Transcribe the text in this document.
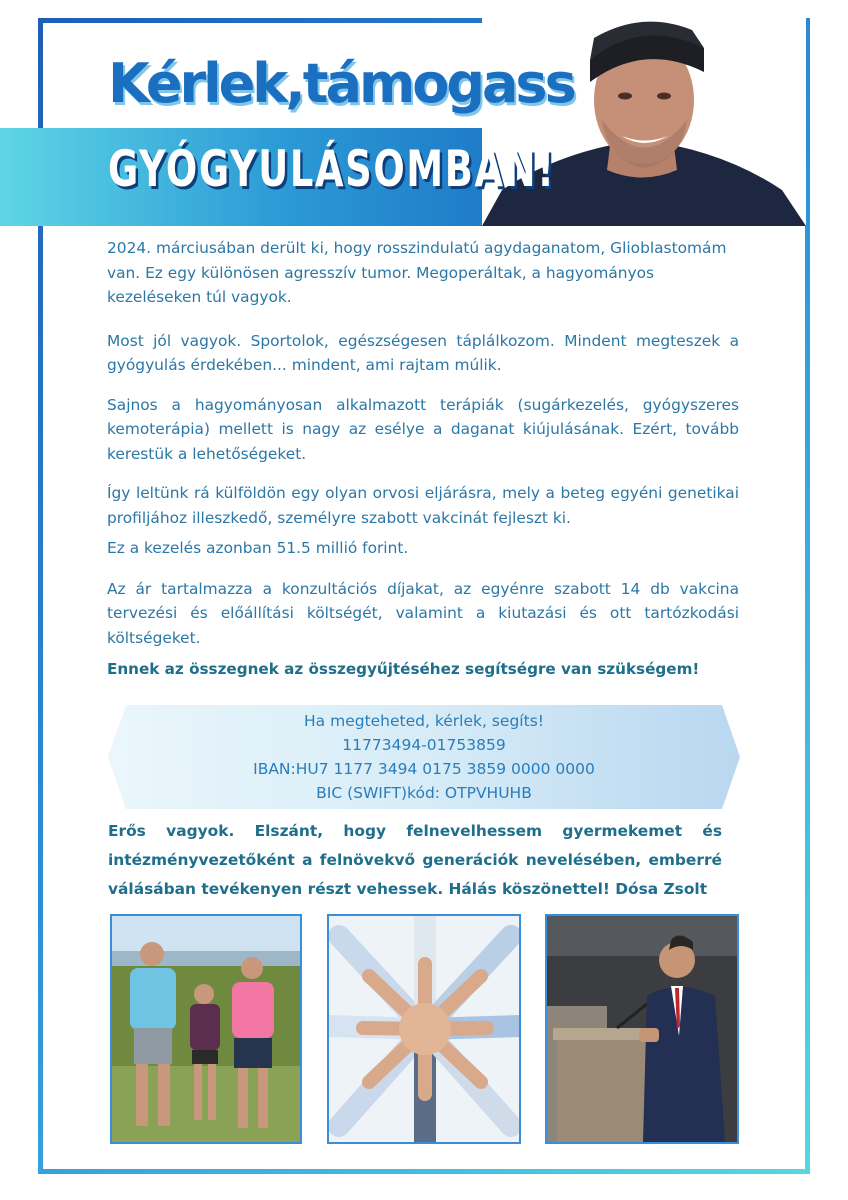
Kérlek,támogass
GYÓGYULÁSOMBAN!

2024. márciusában derült ki, hogy rosszindulatú agydaganatom, Glioblastomám van. Ez egy különösen agresszív tumor. Megoperáltak, a hagyományos kezeléseken túl vagyok.

Most jól vagyok. Sportolok, egészségesen táplálkozom. Mindent megteszek a gyógyulás érdekében... mindent, ami rajtam múlik.

Sajnos a hagyományosan alkalmazott terápiák (sugárkezelés, gyógyszeres kemoterápia) mellett is nagy az esélye a daganat kiújulásának. Ezért, tovább kerestük a lehetőségeket.

Így leltünk rá külföldön egy olyan orvosi eljárásra, mely a beteg egyéni genetikai profiljához illeszkedő, személyre szabott vakcinát fejleszt ki.

Ez a kezelés azonban 51.5 millió forint.

Az ár tartalmazza a konzultációs díjakat, az egyénre szabott 14 db vakcina tervezési és előállítási költségét, valamint a kiutazási és ott tartózkodási költségeket.

Ennek az összegnek az összegyűjtéséhez segítségre van szükségem!

Ha megteheted, kérlek, segíts!
11773494-01753859
IBAN:HU7 1177 3494 0175 3859 0000 0000
BIC (SWIFT)kód: OTPVHUHB
Erős vagyok. Elszánt, hogy felnevelhessem gyermekemet és
intézményvezetőként a felnövekvő generációk nevelésében, emberré
válásában tevékenyen részt vehessek. Hálás köszönettel! Dósa Zsolt
